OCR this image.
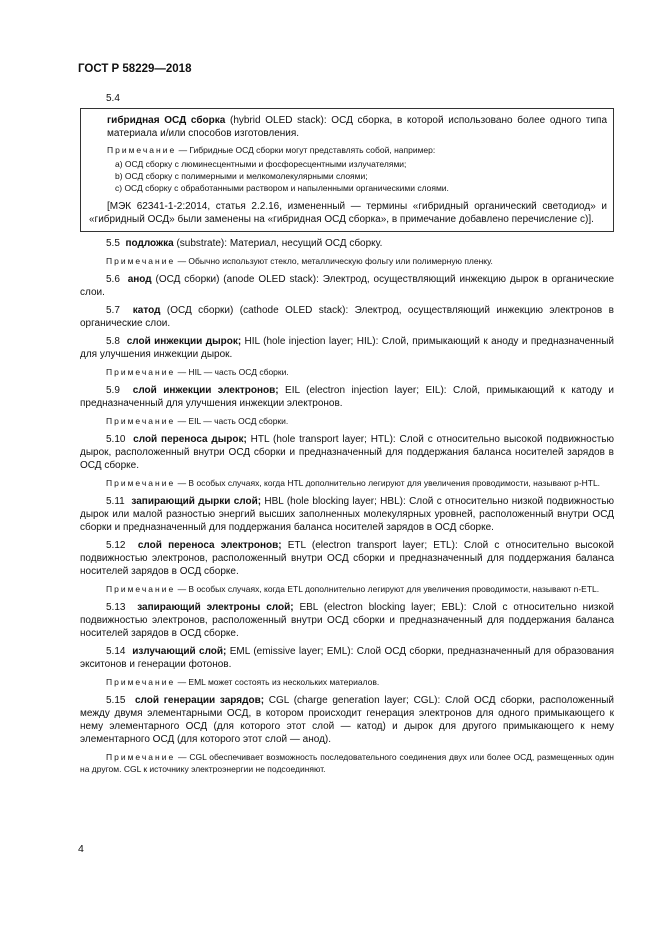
ГОСТ Р 58229—2018
5.4
гибридная ОСД сборка (hybrid OLED stack): ОСД сборка, в которой использовано более одного типа материала и/или способов изготовления.
Примечание — Гибридные ОСД сборки могут представлять собой, например:
а) ОСД сборку с люминесцентными и фосфоресцентными излучателями;
b) ОСД сборку с полимерными и мелкомолекулярными слоями;
с) ОСД сборку с обработанными раствором и напыленными органическими слоями.
[МЭК 62341-1-2:2014, статья 2.2.16, измененный — термины «гибридный органический светодиод» и «гибридный ОСД» были заменены на «гибридная ОСД сборка», в примечание добавлено перечисление с)].
5.5 подложка (substrate): Материал, несущий ОСД сборку.
Примечание — Обычно используют стекло, металлическую фольгу или полимерную пленку.
5.6 анод (ОСД сборки) (anode OLED stack): Электрод, осуществляющий инжекцию дырок в органические слои.
5.7 катод (ОСД сборки) (cathode OLED stack): Электрод, осуществляющий инжекцию электронов в органические слои.
5.8 слой инжекции дырок; HIL (hole injection layer; HIL): Слой, примыкающий к аноду и предназначенный для улучшения инжекции дырок.
Примечание — HIL — часть ОСД сборки.
5.9 слой инжекции электронов; EIL (electron injection layer; EIL): Слой, примыкающий к катоду и предназначенный для улучшения инжекции электронов.
Примечание — EIL — часть ОСД сборки.
5.10 слой переноса дырок; HTL (hole transport layer; HTL): Слой с относительно высокой подвижностью дырок, расположенный внутри ОСД сборки и предназначенный для поддержания баланса носителей зарядов в ОСД сборке.
Примечание — В особых случаях, когда HTL дополнительно легируют для увеличения проводимости, называют p-HTL.
5.11 запирающий дырки слой; HBL (hole blocking layer; HBL): Слой с относительно низкой подвижностью дырок или малой разностью энергий высших заполненных молекулярных уровней, расположенный внутри ОСД сборки и предназначенный для поддержания баланса носителей зарядов в ОСД сборке.
5.12 слой переноса электронов; ETL (electron transport layer; ETL): Слой с относительно высокой подвижностью электронов, расположенный внутри ОСД сборки и предназначенный для поддержания баланса носителей зарядов в ОСД сборке.
Примечание — В особых случаях, когда ETL дополнительно легируют для увеличения проводимости, называют n-ETL.
5.13 запирающий электроны слой; EBL (electron blocking layer; EBL): Слой с относительно низкой подвижностью электронов, расположенный внутри ОСД сборки и предназначенный для поддержания баланса носителей зарядов в ОСД сборке.
5.14 излучающий слой; EML (emissive layer; EML): Слой ОСД сборки, предназначенный для образования экситонов и генерации фотонов.
Примечание — EML может состоять из нескольких материалов.
5.15 слой генерации зарядов; CGL (charge generation layer; CGL): Слой ОСД сборки, расположенный между двумя элементарными ОСД, в котором происходит генерация электронов для одного примыкающего к нему элементарного ОСД (для которого этот слой — катод) и дырок для другого примыкающего к нему элементарного ОСД (для которого этот слой — анод).
Примечание — CGL обеспечивает возможность последовательного соединения двух или более ОСД, размещенных один на другом. CGL к источнику электроэнергии не подсоединяют.
4
